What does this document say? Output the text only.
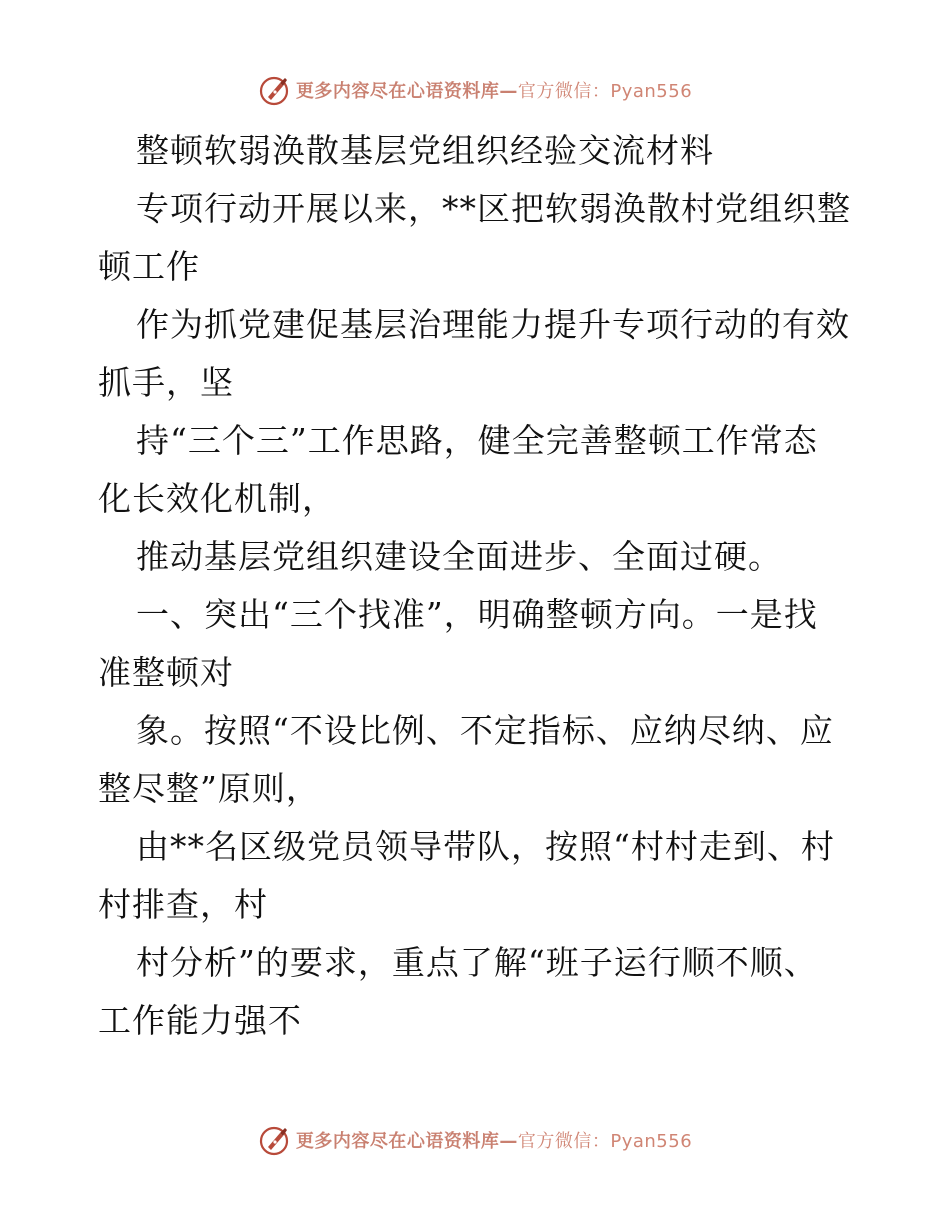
更多内容尽在心语资料库— 官方微信：Pyan556
整顿软弱涣散基层党组织经验交流材料
专项行动开展以来，**区把软弱涣散村党组织整
顿工作
作为抓党建促基层治理能力提升专项行动的有效
抓手，坚
持“三个三”工作思路，健全完善整顿工作常态
化长效化机制，
推动基层党组织建设全面进步、全面过硬。
一、突出“三个找准”，明确整顿方向。一是找
准整顿对
象。按照“不设比例、不定指标、应纳尽纳、应
整尽整”原则，
由**名区级党员领导带队，按照“村村走到、村
村排查，村
村分析”的要求，重点了解“班子运行顺不顺、
工作能力强不
更多内容尽在心语资料库— 官方微信：Pyan556
